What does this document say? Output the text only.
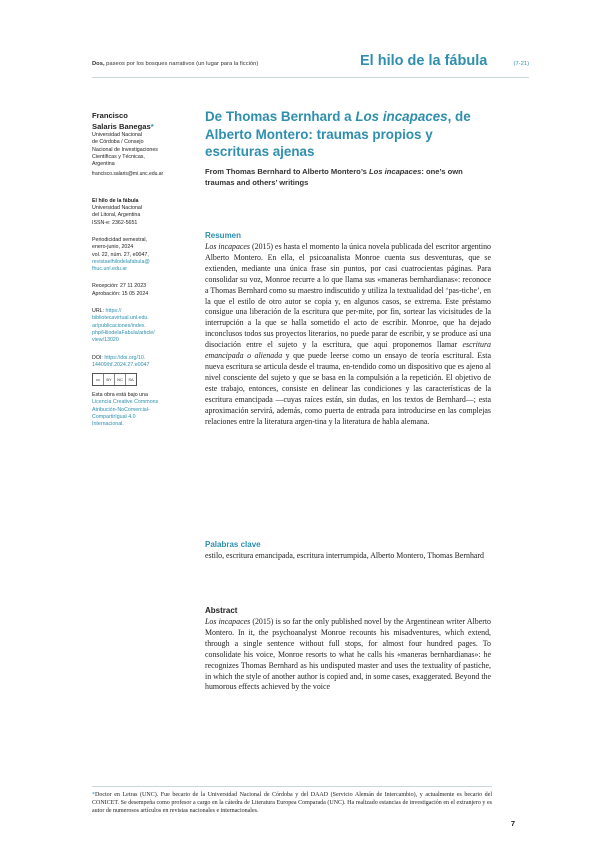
Dos, paseos por los bosques narrativos (un lugar para la ficción)	El hilo de la fábula	(7-21)
Francisco
Salaris Banegas*
Universidad Nacional
de Córdoba / Consejo
Nacional de Investigaciones
Científicas y Técnicas,
Argentina
francisco.salaris@mi.unc.edu.ar
El hilo de la fábula
Universidad Nacional
del Litoral, Argentina
ISSN-e: 2362-5651
Periodicidad semestral,
enero-junio, 2024
vol. 22, núm. 27, e0047,
revistaelhilodelafabula@
fhuc.unl.edu.ar
Recepción: 27 11 2023
Aprobación: 15 05 2024
URL: https://
bibliotecavirtual.unl.edu.
ar/publicaciones/index.
php/HilodelaFabula/article/
view/13020
DOI: https://doi.org/10.
14409/hf.2024.27.e0047
cc	BY	NC	SA
Esta obra está bajo una
Licencia Creative Commons
Atribución-NoComercial-
CompartirIgual 4.0
Internacional.
De Thomas Bernhard a Los incapaces, de Alberto Montero: traumas propios y escrituras ajenas
From Thomas Bernhard to Alberto Montero’s Los incapaces: one’s own traumas and others’ writings
Resumen
Los incapaces (2015) es hasta el momento la única novela publicada del escritor argentino Alberto Montero. En ella, el psicoanalista Monroe cuenta sus desventuras, que se extienden, mediante una única frase sin puntos, por casi cuatrocientas páginas. Para consolidar su voz, Monroe recurre a lo que llama sus «maneras bernhardianas»: reconoce a Thomas Bernhard como su maestro indiscutido y utiliza la textualidad del ‘pas-tiche’, en la que el estilo de otro autor se copia y, en algunos casos, se extrema. Este préstamo consigue una liberación de la escritura que per-mite, por fin, sortear las vicisitudes de la interrupción a la que se halla sometido el acto de escribir. Monroe, que ha dejado inconclusos todos sus proyectos literarios, no puede parar de escribir, y se produce así una disociación entre el sujeto y la escritura, que aquí proponemos llamar escritura emancipada o alienada y que puede leerse como un ensayo de teoría escritural. Esta nueva escritura se articula desde el trauma, en-tendido como un dispositivo que es ajeno al nivel consciente del sujeto y que se basa en la compulsión a la repetición. El objetivo de este trabajo, entonces, consiste en delinear las condiciones y las características de la escritura emancipada —cuyas raíces están, sin dudas, en los textos de Bernhard—; esta aproximación servirá, además, como puerta de entrada para introducirse en las complejas relaciones entre la literatura argen-tina y la literatura de habla alemana.
Palabras clave
estilo, escritura emancipada, escritura interrumpida, Alberto Montero, Thomas Bernhard
Abstract
Los incapaces (2015) is so far the only published novel by the Argentinean writer Alberto Montero. In it, the psychoanalyst Monroe recounts his misadventures, which extend, through a single sentence without full stops, for almost four hundred pages. To consolidate his voice, Monroe resorts to what he calls his «maneras bernhardianas»: he recognizes Thomas Bernhard as his undisputed master and uses the textuality of pastiche, in which the style of another author is copied and, in some cases, exaggerated. Beyond the humorous effects achieved by the voice
*Doctor en Letras (UNC). Fue becario de la Universidad Nacional de Córdoba y del DAAD (Servicio Alemán de Intercambio), y actualmente es becario del CONICET. Se desempeña como profesor a cargo en la cátedra de Literatura Europea Comparada (UNC). Ha realizado estancias de investigación en el extranjero y es autor de numerosos artículos en revistas nacionales e internacionales.
7
